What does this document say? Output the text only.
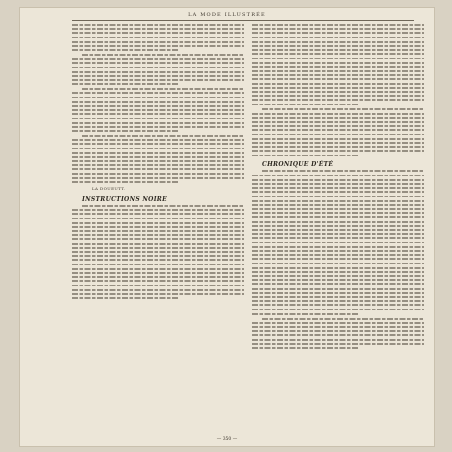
LA MODE ILLUSTRÉE
LA DOUEUTT.
INSTRUCTIONS NOIRE
CHRONIQUE D'ÉTÉ
— 350 —
